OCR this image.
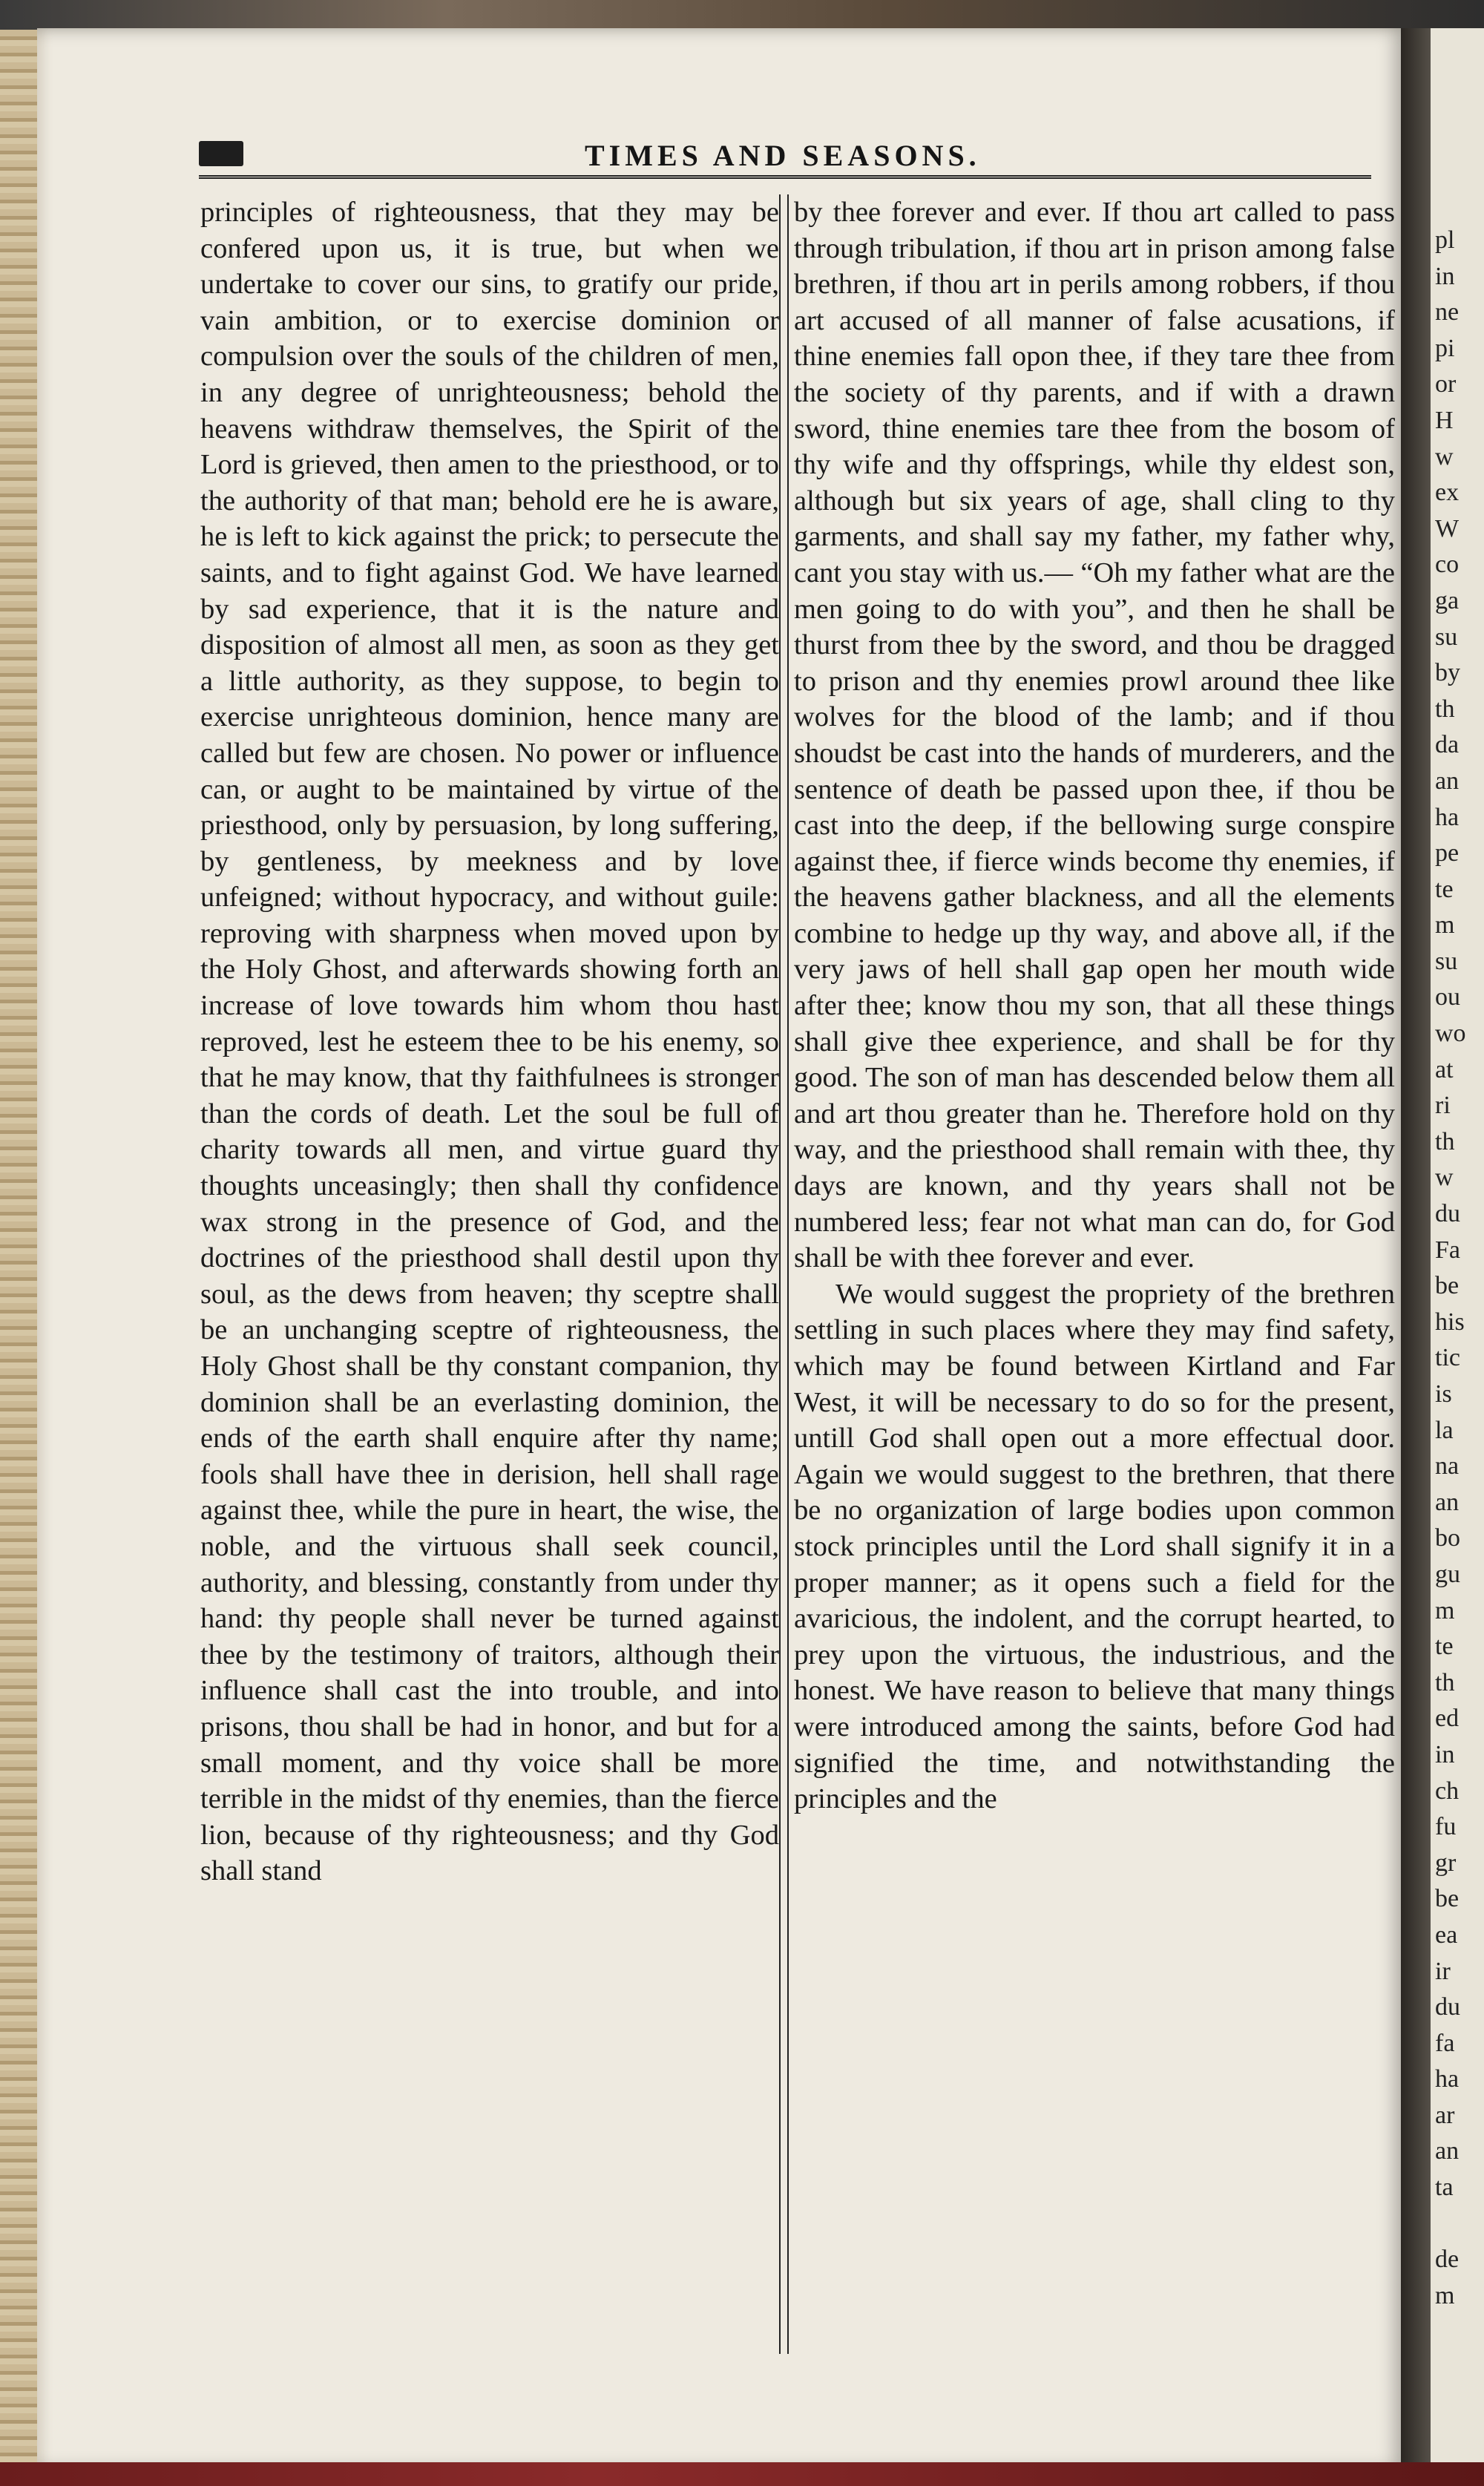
TIMES AND SEASONS.

principles of righteousness, that they may be confered upon us, it is true, but when we undertake to cover our sins, to gratify our pride, vain ambition, or to exercise dominion or compulsion over the souls of the children of men, in any degree of unrighteousness; behold the heavens withdraw themselves, the Spirit of the Lord is grieved, then amen to the priesthood, or to the authority of that man; behold ere he is aware, he is left to kick against the prick; to persecute the saints, and to fight against God. We have learned by sad experience, that it is the nature and disposition of almost all men, as soon as they get a little authority, as they suppose, to begin to exercise unrighteous dominion, hence many are called but few are chosen. No power or influence can, or aught to be maintained by virtue of the priesthood, only by persuasion, by long suffering, by gentleness, by meekness and by love unfeigned; without hypocracy, and without guile: reproving with sharpness when moved upon by the Holy Ghost, and afterwards showing forth an increase of love towards him whom thou hast reproved, lest he esteem thee to be his enemy, so that he may know, that thy faithfulnees is stronger than the cords of death. Let the soul be full of charity towards all men, and virtue guard thy thoughts unceasingly; then shall thy confidence wax strong in the presence of God, and the doctrines of the priesthood shall destil upon thy soul, as the dews from heaven; thy sceptre shall be an unchanging sceptre of righteousness, the Holy Ghost shall be thy constant companion, thy dominion shall be an everlasting dominion, the ends of the earth shall enquire after thy name; fools shall have thee in derision, hell shall rage against thee, while the pure in heart, the wise, the noble, and the virtuous shall seek council, authority, and blessing, constantly from under thy hand: thy people shall never be turned against thee by the testimony of traitors, although their influence shall cast the into trouble, and into prisons, thou shall be had in honor, and but for a small moment, and thy voice shall be more terrible in the midst of thy enemies, than the fierce lion, because of thy righteousness; and thy God shall stand

by thee forever and ever. If thou art called to pass through tribulation, if thou art in prison among false brethren, if thou art in perils among robbers, if thou art accused of all manner of false acusations, if thine enemies fall opon thee, if they tare thee from the society of thy parents, and if with a drawn sword, thine enemies tare thee from the bosom of thy wife and thy offsprings, while thy eldest son, although but six years of age, shall cling to thy garments, and shall say my father, my father why, cant you stay with us.— “Oh my father what are the men going to do with you”, and then he shall be thurst from thee by the sword, and thou be dragged to prison and thy enemies prowl around thee like wolves for the blood of the lamb; and if thou shoudst be cast into the hands of murderers, and the sentence of death be passed upon thee, if thou be cast into the deep, if the bellowing surge conspire against thee, if fierce winds become thy enemies, if the heavens gather blackness, and all the elements combine to hedge up thy way, and above all, if the very jaws of hell shall gap open her mouth wide after thee; know thou my son, that all these things shall give thee experience, and shall be for thy good. The son of man has descended below them all and art thou greater than he. Therefore hold on thy way, and the priesthood shall remain with thee, thy days are known, and thy years shall not be numbered less; fear not what man can do, for God shall be with thee forever and ever.

We would suggest the propriety of the brethren settling in such places where they may find safety, which may be found between Kirtland and Far West, it will be necessary to do so for the present, untill God shall open out a more effectual door. Again we would suggest to the brethren, that there be no organization of large bodies upon common stock principles until the Lord shall signify it in a proper manner; as it opens such a field for the avaricious, the indolent, and the corrupt hearted, to prey upon the virtuous, the industrious, and the honest. We have reason to believe that many things were introduced among the saints, before God had signified the time, and notwithstanding the principles and the

pl
in
ne
pi
or
H
w
ex
W
co
ga
su
by
th
da
an
ha
pe
te
m
su
ou
wo
at
ri
th
w
du
Fa
be
his
tic
is
la
na
an
bo
gu
m
te
th
ed
in
ch
fu
gr
be
ea
ir
du
fa
ha
ar
an
ta

de
m
